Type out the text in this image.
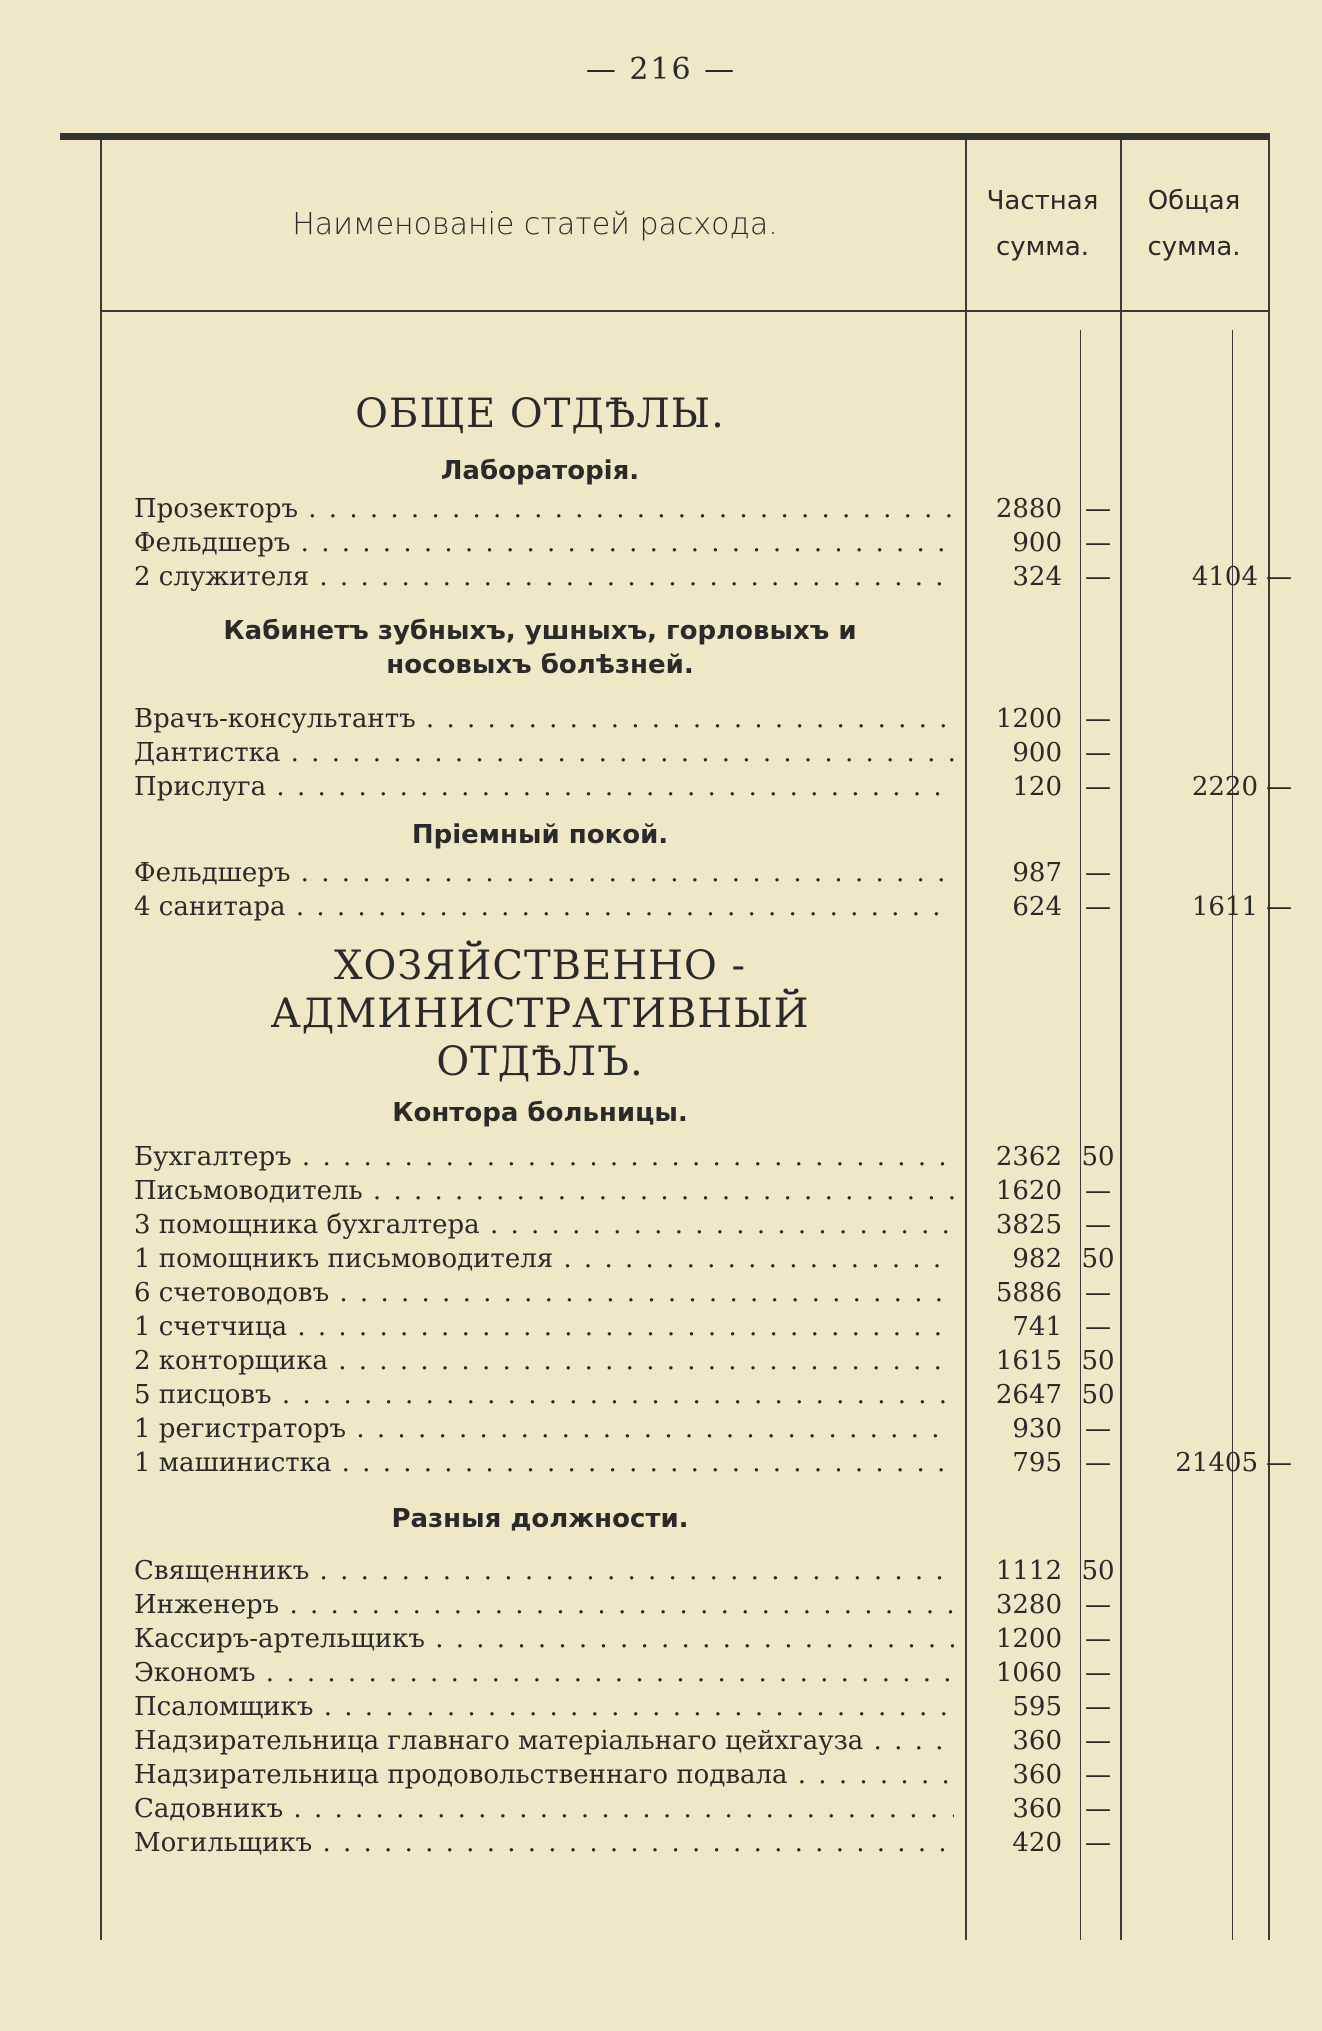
— 216 —
Наименованіе статей расхода.
Частная
сумма.
Общая
сумма.
ОБЩЕ ОТДѢЛЫ.
Лабораторія.
Прозекторъ . . .	2880 —
Фельдшеръ . . .	900 —
2 служителя . . .	324 —	4104 —
Кабинетъ зубныхъ, ушныхъ, горловыхъ и носовыхъ болѣзней.
Врачъ-консультантъ . . .	1200 —
Дантистка . . .	900 —
Прислуга . . .	120 —	2220 —
Пріемный покой.
Фельдшеръ . . .	987 —
4 санитара . . .	624 —	1611 —
ХОЗЯЙСТВЕННО - АДМИНИСТРАТИВНЫЙ ОТДѢЛЪ.
Контора больницы.
Бухгалтеръ . . .	2362 50
Письмоводитель . . .	1620 —
3 помощника бухгалтера . . .	3825 —
1 помощникъ письмоводителя . . .	982 50
6 счетоводовъ . . .	5886 —
1 счетчица . . .	741 —
2 конторщика . . .	1615 50
5 писцовъ . . .	2647 50
1 регистраторъ . . .	930 —
1 машинистка . . .	795 —	21405 —
Разныя должности.
Священникъ . . .	1112 50
Инженеръ . . .	3280 —
Кассиръ-артельщикъ . . .	1200 —
Экономъ . . .	1060 —
Псаломщикъ . . .	595 —
Надзирательница главнаго матеріальнаго цейхгауза . . .	360 —
Надзирательница продовольственнаго подвала . . .	360 —
Садовникъ . . .	360 —
Могильщикъ . . .	420 —
